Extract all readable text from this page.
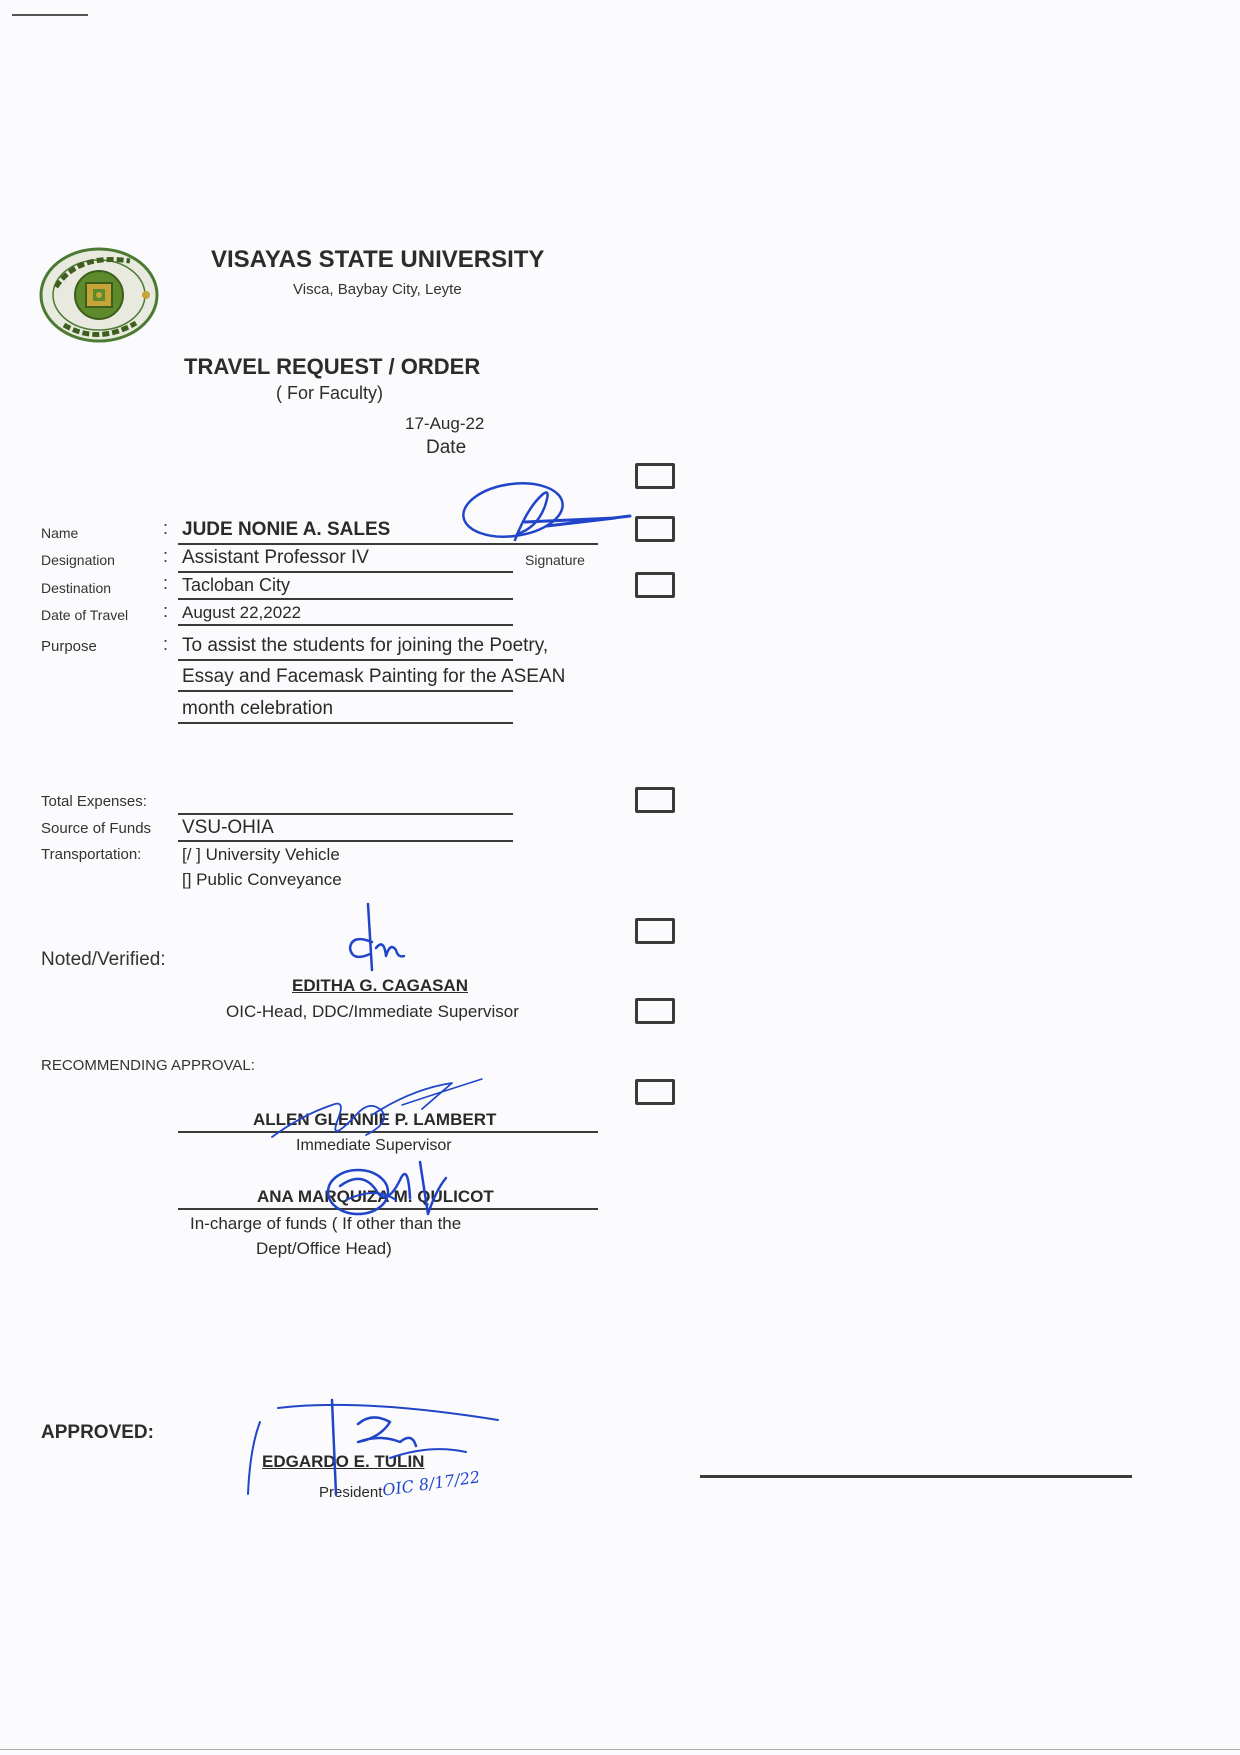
VISAYAS STATE UNIVERSITY
Visca, Baybay City, Leyte
TRAVEL REQUEST / ORDER
( For Faculty)
17-Aug-22
Date
Name	: JUDE NONIE A. SALES
Signature
Designation	: Assistant Professor IV
Destination	: Tacloban City
Date of Travel : August 22,2022
Purpose	: To assist the students for joining the Poetry,
Essay and Facemask Painting for the ASEAN
month celebration
Total Expenses:
Source of Funds VSU-OHIA
Transportation: [/ ] University Vehicle
[] Public Conveyance
Noted/Verified:
EDITHA G. CAGASAN
OIC-Head, DDC/Immediate Supervisor
RECOMMENDING APPROVAL:
ALLEN GLENNIE P. LAMBERT
Immediate Supervisor
ANA MARQUIZA M. QULICOT
In-charge of funds ( If other than the
Dept/Office Head)
APPROVED:
EDGARDO E. TULIN
President
OIC 8/17/22
